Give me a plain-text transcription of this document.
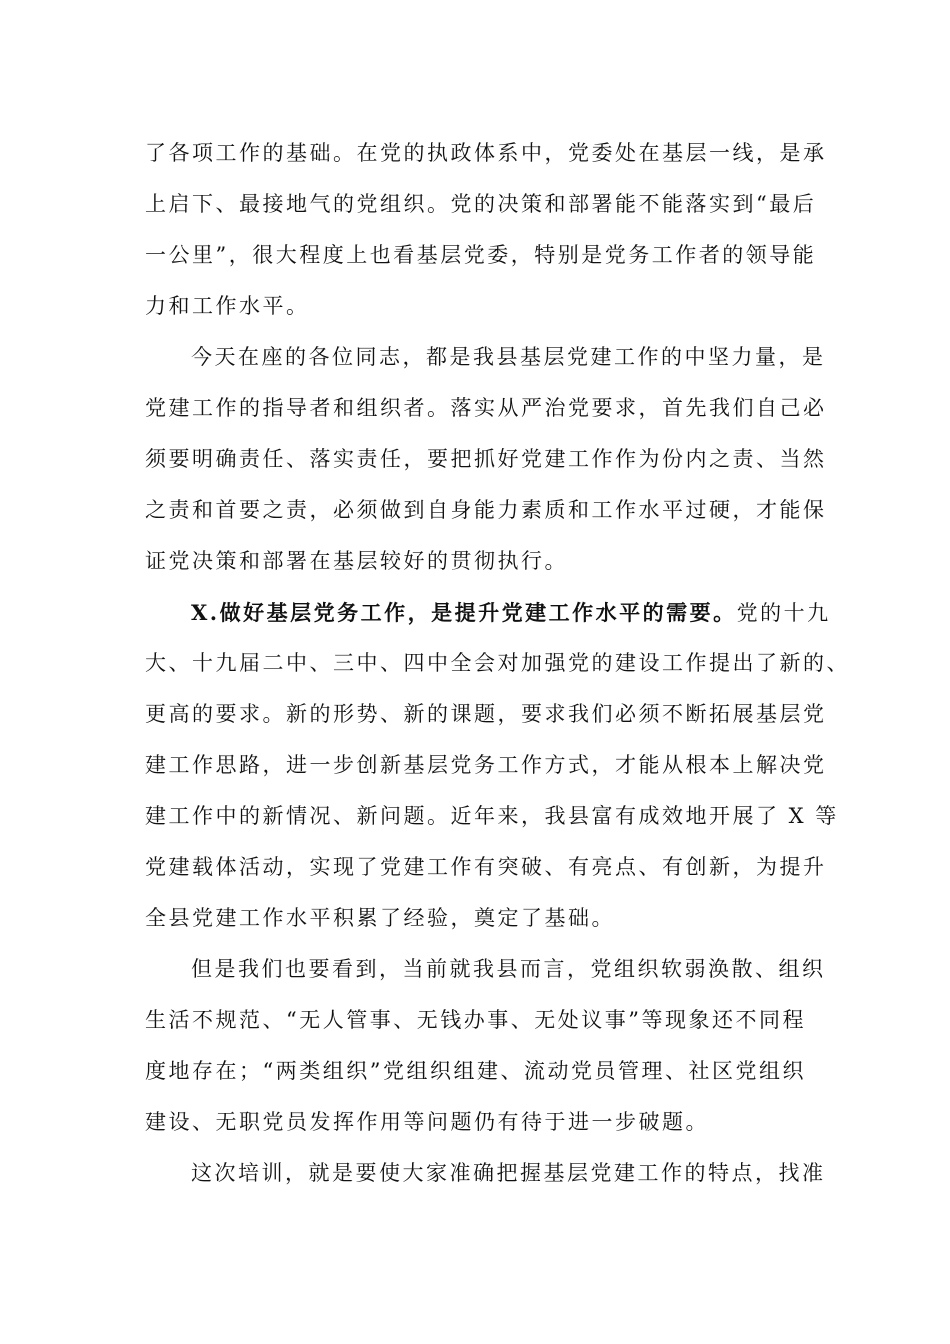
了各项工作的基础。在党的执政体系中，党委处在基层一线，是承
上启下、最接地气的党组织。党的决策和部署能不能落实到“最后
一公里”，很大程度上也看基层党委，特别是党务工作者的领导能
力和工作水平。
今天在座的各位同志，都是我县基层党建工作的中坚力量，是
党建工作的指导者和组织者。落实从严治党要求，首先我们自己必
须要明确责任、落实责任，要把抓好党建工作作为份内之责、当然
之责和首要之责，必须做到自身能力素质和工作水平过硬，才能保
证党决策和部署在基层较好的贯彻执行。
X.做好基层党务工作，是提升党建工作水平的需要。党的十九
大、十九届二中、三中、四中全会对加强党的建设工作提出了新的、
更高的要求。新的形势、新的课题，要求我们必须不断拓展基层党
建工作思路，进一步创新基层党务工作方式，才能从根本上解决党
建工作中的新情况、新问题。近年来，我县富有成效地开展了 X 等
党建载体活动，实现了党建工作有突破、有亮点、有创新，为提升
全县党建工作水平积累了经验，奠定了基础。
但是我们也要看到，当前就我县而言，党组织软弱涣散、组织
生活不规范、“无人管事、无钱办事、无处议事”等现象还不同程
度地存在；“两类组织”党组织组建、流动党员管理、社区党组织
建设、无职党员发挥作用等问题仍有待于进一步破题。
这次培训，就是要使大家准确把握基层党建工作的特点，找准
